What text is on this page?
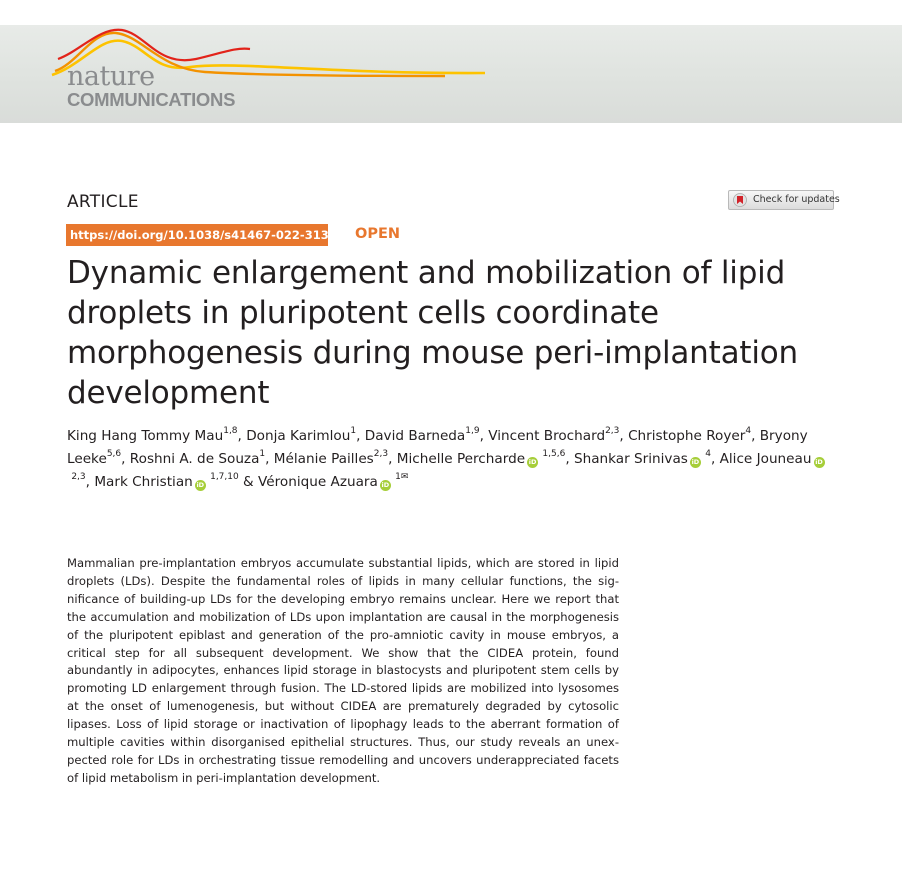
nature
COMMUNICATIONS
ARTICLE	Check for updates
https://doi.org/10.1038/s41467-022-31323-2
OPEN
Dynamic enlargement and mobilization of lipid droplets in pluripotent cells coordinate morphogenesis during mouse peri-implantation development
King Hang Tommy Mau$^{1,8}$, Donja Karimlou$^1$, David Barneda$^{1,9}$, Vincent Brochard$^{2,3}$, Christophe Royer$^4$, Bryony Leeke$^{5,6}$, Roshni A. de Souza$^1$, Mélanie Pailles$^{2,3}$, Michelle Percharde iD $^{1,5,6}$, Shankar Srinivas iD $^4$, Alice Jouneau iD $^{2,3}$, Mark Christian iD $^{1,7,10}$ & Véronique Azuara iD $^{1✉}$
Mammalian pre-implantation embryos accumulate substantial lipids, which are stored in lipid droplets (LDs). Despite the fundamental roles of lipids in many cellular functions, the significance of building-up LDs for the developing embryo remains unclear. Here we report that the accumulation and mobilization of LDs upon implantation are causal in the morphogenesis of the pluripotent epiblast and generation of the pro-amniotic cavity in mouse embryos, a critical step for all subsequent development. We show that the CIDEA protein, found abundantly in adipocytes, enhances lipid storage in blastocysts and pluripotent stem cells by promoting LD enlargement through fusion. The LD-stored lipids are mobilized into lysosomes at the onset of lumenogenesis, but without CIDEA are prematurely degraded by cytosolic lipases. Loss of lipid storage or inactivation of lipophagy leads to the aberrant formation of multiple cavities within disorganised epithelial structures. Thus, our study reveals an unexpected role for LDs in orchestrating tissue remodelling and uncovers underappreciated facets of lipid metabolism in peri-implantation development.
